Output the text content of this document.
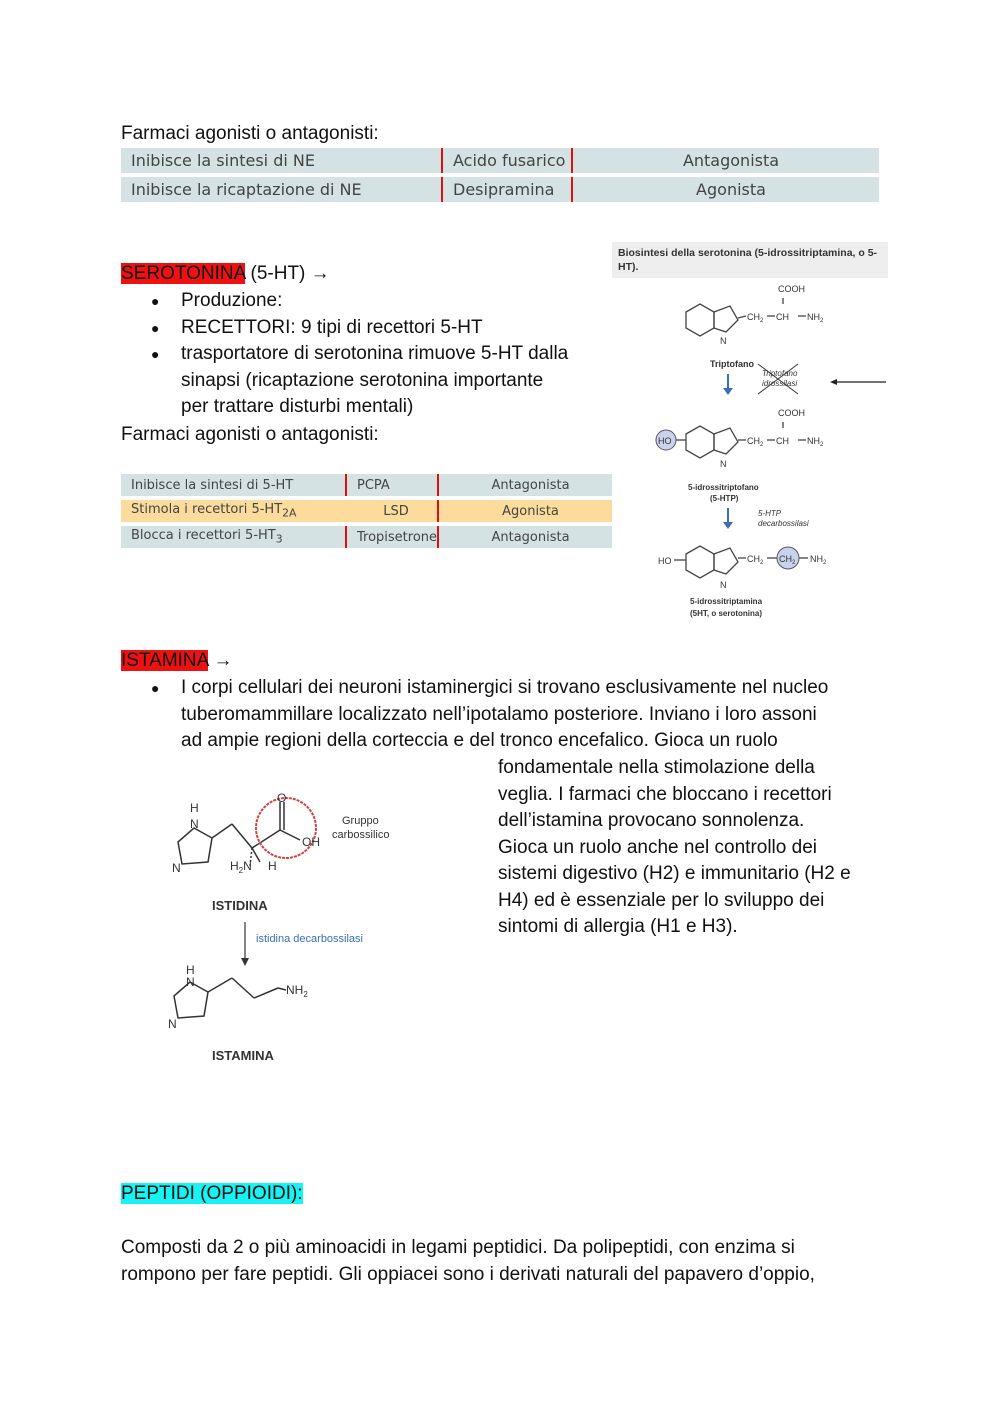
Farmaci agonisti o antagonisti:
Inibisce la sintesi di NE	Acido fusarico	Antagonista
Inibisce la ricaptazione di NE	Desipramina	Agonista
SEROTONINA (5-HT) →
● Produzione:
● RECETTORI: 9 tipi di recettori 5-HT
● trasportatore di serotonina rimuove 5-HT dalla
sinapsi (ricaptazione serotonina importante
per trattare disturbi mentali)
Farmaci agonisti o antagonisti:
Inibisce la sintesi di 5-HT	PCPA	Antagonista
Stimola i recettori $5-HT_{2A}$	LSD	Agonista
Blocca i recettori $5-HT_3$	Tropisetrone	Antagonista
Biosintesi della serotonina (5-idrossitriptamina, o 5-
HT).
COOH
$CH_2$ CH $NH_2$
N
Triptofano
Triptofano
idrossilasi
HO
COOH
$CH_2$ CH $NH_2$
N
5-idrossitriptofano
(5-HTP)
5-HTP
decarbossilasi
HO	$CH_2$ $CH_2$ $NH_2$
N
5-idrossitriptamina
(5HT, o serotonina)
ISTAMINA →
● I corpi cellulari dei neuroni istaminergici si trovano esclusivamente nel nucleo
tuberomammillare localizzato nell’ipotalamo posteriore. Inviano i loro assoni
ad ampie regioni della corteccia e del tronco encefalico. Gioca un ruolo
fondamentale nella stimolazione della
veglia. I farmaci che bloccano i recettori
dell’istamina provocano sonnolenza.
Gioca un ruolo anche nel controllo dei
sistemi digestivo (H2) e immunitario (H2 e
H4) ed è essenziale per lo sviluppo dei
sintomi di allergia (H1 e H3).
H
N
N
O
OH
$H_2N$ H
Gruppo
carbossilico
ISTIDINA
istidina decarbossilasi
H
N
N
$NH_2$
ISTAMINA
PEPTIDI (OPPIOIDI):
Composti da 2 o più aminoacidi in legami peptidici. Da polipeptidi, con enzima si
rompono per fare peptidi. Gli oppiacei sono i derivati naturali del papavero d’oppio,
